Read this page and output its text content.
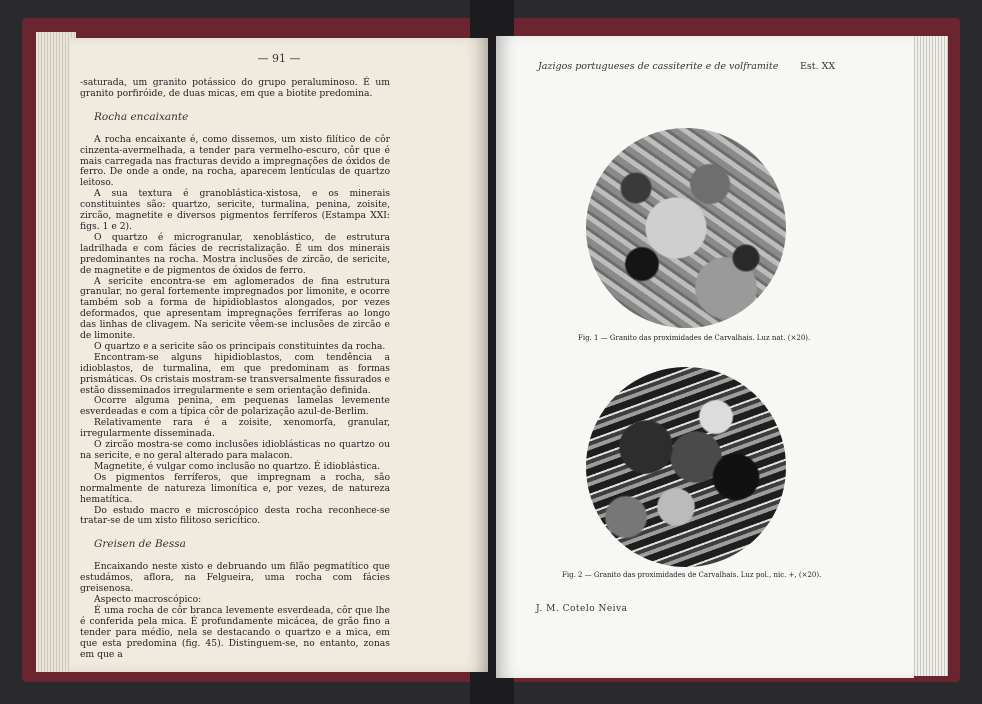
— 91 —

-saturada, um granito potássico do grupo peraluminoso. É um granito porfiróide, de duas micas, em que a biotite predomina.

Rocha encaixante

A rocha encaixante é, como dissemos, um xisto filítico de côr cinzenta-avermelhada, a tender para vermelho-escuro, côr que é mais carregada nas fracturas devido a impregnações de óxidos de ferro. De onde a onde, na rocha, aparecem lentículas de quartzo leitoso.

A sua textura é granoblástica-xistosa, e os minerais constituintes são: quartzo, sericite, turmalina, penina, zoisite, zircão, magnetite e diversos pigmentos ferríferos (Estampa XXI: figs. 1 e 2).

O quartzo é microgranular, xenoblástico, de estrutura ladrilhada e com fácies de recristalização. É um dos minerais predominantes na rocha. Mostra inclusões de zircão, de sericite, de magnetite e de pigmentos de óxidos de ferro.

A sericite encontra-se em aglomerados de fina estrutura granular, no geral fortemente impregnados por limonite, e ocorre também sob a forma de hipidioblastos alongados, por vezes deformados, que apresentam impregnações ferríferas ao longo das linhas de clivagem. Na sericite vêem-se inclusões de zircão e de limonite.

O quartzo e a sericite são os principais constituintes da rocha.

Encontram-se alguns hipidioblastos, com tendência a idioblastos, de turmalina, em que predominam as formas prismáticas. Os cristais mostram-se transversalmente fissurados e estão disseminados irregularmente e sem orientação definida.

Ocorre alguma penina, em pequenas lamelas levemente esverdeadas e com a típica côr de polarização azul-de-Berlim.

Relativamente rara é a zoisite, xenomorfa, granular, irregularmente disseminada.

O zircão mostra-se como inclusões idioblásticas no quartzo ou na sericite, e no geral alterado para malacon.

Magnetite, é vulgar como inclusão no quartzo. É idioblástica.

Os pigmentos ferríferos, que impregnam a rocha, são normalmente de natureza limonítica e, por vezes, de natureza hematítica.

Do estudo macro e microscópico desta rocha reconhece-se tratar-se de um xisto filitoso sericítico.

Greisen de Bessa

Encaixando neste xisto e debruando um filão pegmatítico que estudámos, aflora, na Felgueira, uma rocha com fácies greisenosa.

Aspecto macroscópico:

É uma rocha de côr branca levemente esverdeada, côr que lhe é conferida pela mica. É profundamente micácea, de grão fino a tender para médio, nela se destacando o quartzo e a mica, em que esta predomina (fig. 45). Distinguem-se, no entanto, zonas em que a

Jazigos portugueses de cassiterite e de volframite Est. XX
Fig. 1 — Granito das proximidades de Carvalhais. Luz nat. (×20).
Fig. 2 — Granito das proximidades de Carvalhais. Luz pol., nic. +, (×20).
J. M. Cotelo Neiva
